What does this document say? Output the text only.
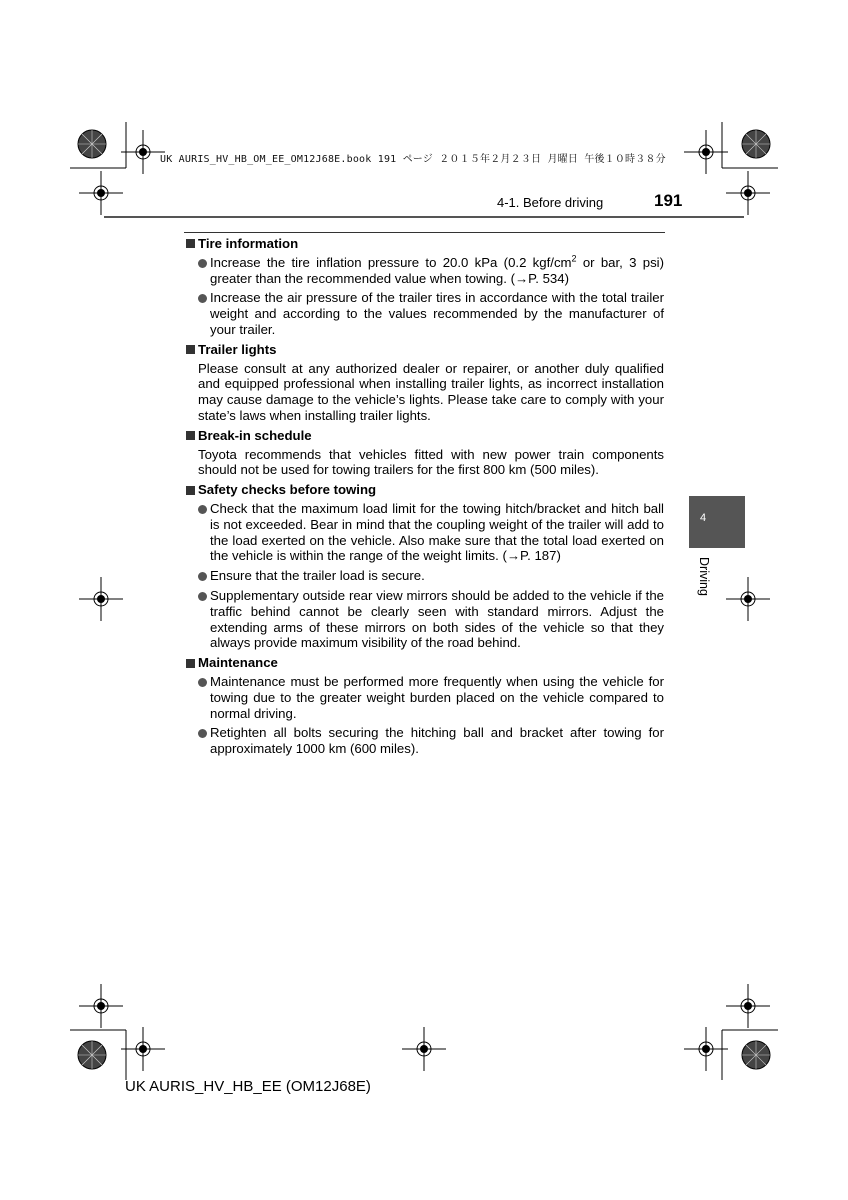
UK AURIS_HV_HB_OM_EE_OM12J68E.book 191 ページ ２０１５年２月２３日 月曜日 午後１０時３８分
4-1. Before driving	191
4
Driving
Tire information
Increase the tire inflation pressure to 20.0 kPa (0.2 kgf/$cm^2$ or bar, 3 psi) greater than the recommended value when towing. (→P. 534)
Increase the air pressure of the trailer tires in accordance with the total trailer weight and according to the values recommended by the manufacturer of your trailer.
Trailer lights
Please consult at any authorized dealer or repairer, or another duly qualified and equipped professional when installing trailer lights, as incorrect installation may cause damage to the vehicle’s lights. Please take care to comply with your state’s laws when installing trailer lights.
Break-in schedule
Toyota recommends that vehicles fitted with new power train components should not be used for towing trailers for the first 800 km (500 miles).
Safety checks before towing
Check that the maximum load limit for the towing hitch/bracket and hitch ball is not exceeded. Bear in mind that the coupling weight of the trailer will add to the load exerted on the vehicle. Also make sure that the total load exerted on the vehicle is within the range of the weight limits. (→P. 187)
Ensure that the trailer load is secure.
Supplementary outside rear view mirrors should be added to the vehicle if the traffic behind cannot be clearly seen with standard mirrors. Adjust the extending arms of these mirrors on both sides of the vehicle so that they always provide maximum visibility of the road behind.
Maintenance
Maintenance must be performed more frequently when using the vehicle for towing due to the greater weight burden placed on the vehicle compared to normal driving.
Retighten all bolts securing the hitching ball and bracket after towing for approximately 1000 km (600 miles).
UK AURIS_HV_HB_EE (OM12J68E)
